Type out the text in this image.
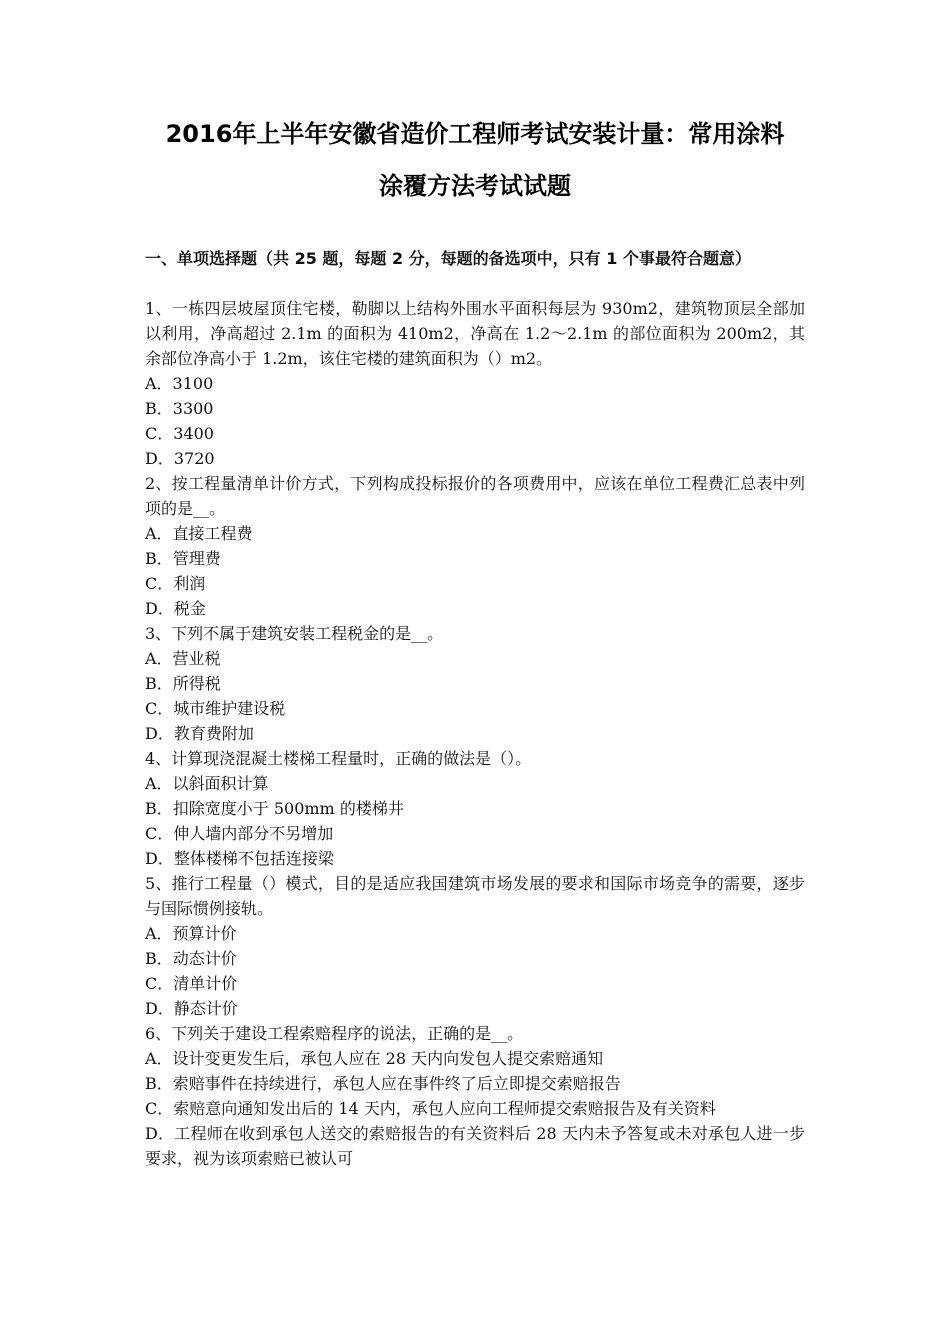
2016年上半年安徽省造价工程师考试安装计量：常用涂料
涂覆方法考试试题
一、单项选择题（共 25 题，每题 2 分，每题的备选项中，只有 1 个事最符合题意）

1、一栋四层坡屋顶住宅楼，勒脚以上结构外围水平面积每层为 930m2，建筑物顶层全部加以利用，净高超过 2.1m 的面积为 410m2，净高在 1.2～2.1m 的部位面积为 200m2，其余部位净高小于 1.2m，该住宅楼的建筑面积为（）m2。

A．3100

B．3300

C．3400

D．3720

2、按工程量清单计价方式，下列构成投标报价的各项费用中，应该在单位工程费汇总表中列项的是__。

A．直接工程费

B．管理费

C．利润

D．税金

3、下列不属于建筑安装工程税金的是__。

A．营业税

B．所得税

C．城市维护建设税

D．教育费附加

4、计算现浇混凝土楼梯工程量时，正确的做法是（）。

A．以斜面积计算

B．扣除宽度小于 500mm 的楼梯井

C．伸人墙内部分不另增加

D．整体楼梯不包括连接梁

5、推行工程量（）模式，目的是适应我国建筑市场发展的要求和国际市场竞争的需要，逐步与国际惯例接轨。

A．预算计价

B．动态计价

C．清单计价

D．静态计价

6、下列关于建设工程索赔程序的说法，正确的是__。

A．设计变更发生后，承包人应在 28 天内向发包人提交索赔通知

B．索赔事件在持续进行，承包人应在事件终了后立即提交索赔报告

C．索赔意向通知发出后的 14 天内，承包人应向工程师提交索赔报告及有关资料

D．工程师在收到承包人送交的索赔报告的有关资料后 28 天内未予答复或未对承包人进一步要求，视为该项索赔已被认可
